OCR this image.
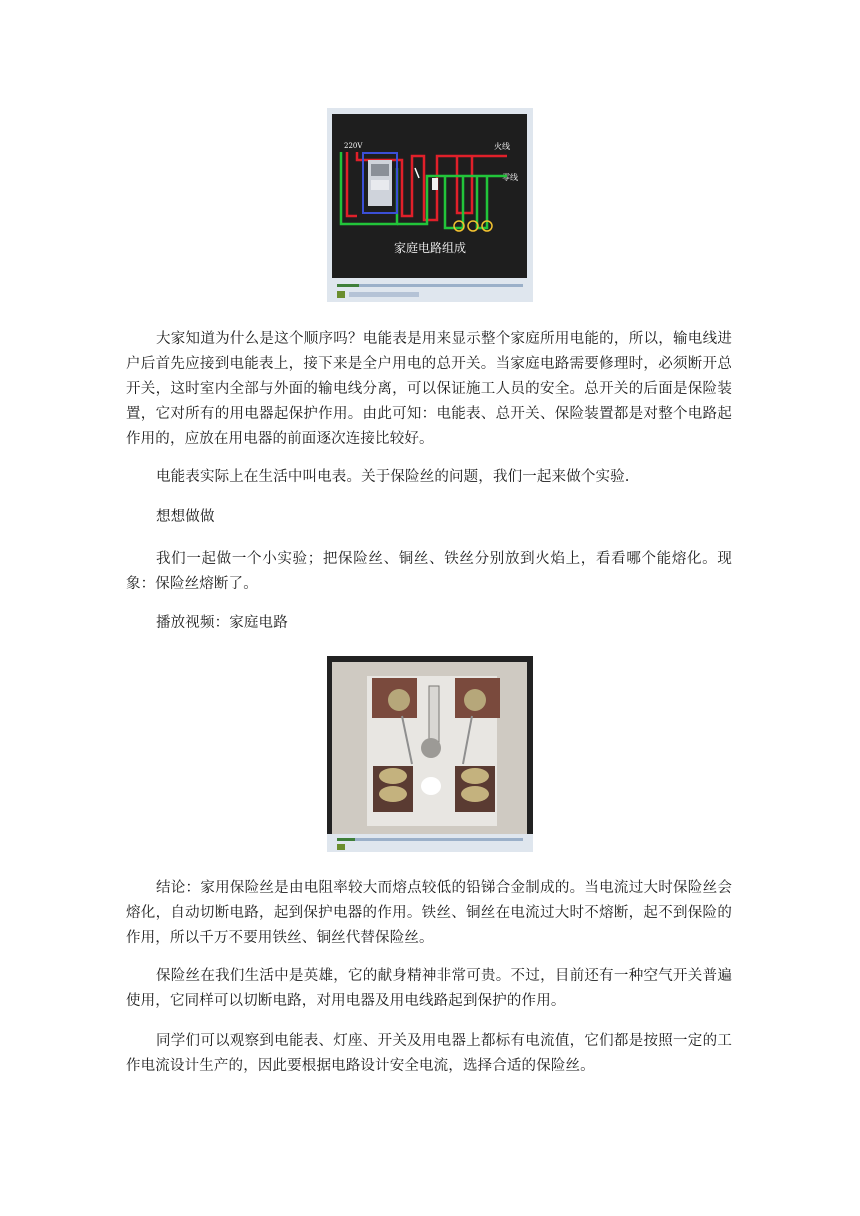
220V	火线
零线
家庭电路组成

大家知道为什么是这个顺序吗？电能表是用来显示整个家庭所用电能的，所以，输电线进户后首先应接到电能表上，接下来是全户用电的总开关。当家庭电路需要修理时，必须断开总开关，这时室内全部与外面的输电线分离，可以保证施工人员的安全。总开关的后面是保险装置，它对所有的用电器起保护作用。由此可知：电能表、总开关、保险装置都是对整个电路起作用的，应放在用电器的前面逐次连接比较好。

电能表实际上在生活中叫电表。关于保险丝的问题，我们一起来做个实验.

想想做做

我们一起做一个小实验；把保险丝、铜丝、铁丝分别放到火焰上，看看哪个能熔化。现象：保险丝熔断了。

播放视频：家庭电路

结论：家用保险丝是由电阻率较大而熔点较低的铅锑合金制成的。当电流过大时保险丝会熔化，自动切断电路，起到保护电器的作用。铁丝、铜丝在电流过大时不熔断，起不到保险的作用，所以千万不要用铁丝、铜丝代替保险丝。

保险丝在我们生活中是英雄，它的献身精神非常可贵。不过，目前还有一种空气开关普遍使用，它同样可以切断电路，对用电器及用电线路起到保护的作用。

同学们可以观察到电能表、灯座、开关及用电器上都标有电流值，它们都是按照一定的工作电流设计生产的，因此要根据电路设计安全电流，选择合适的保险丝。
